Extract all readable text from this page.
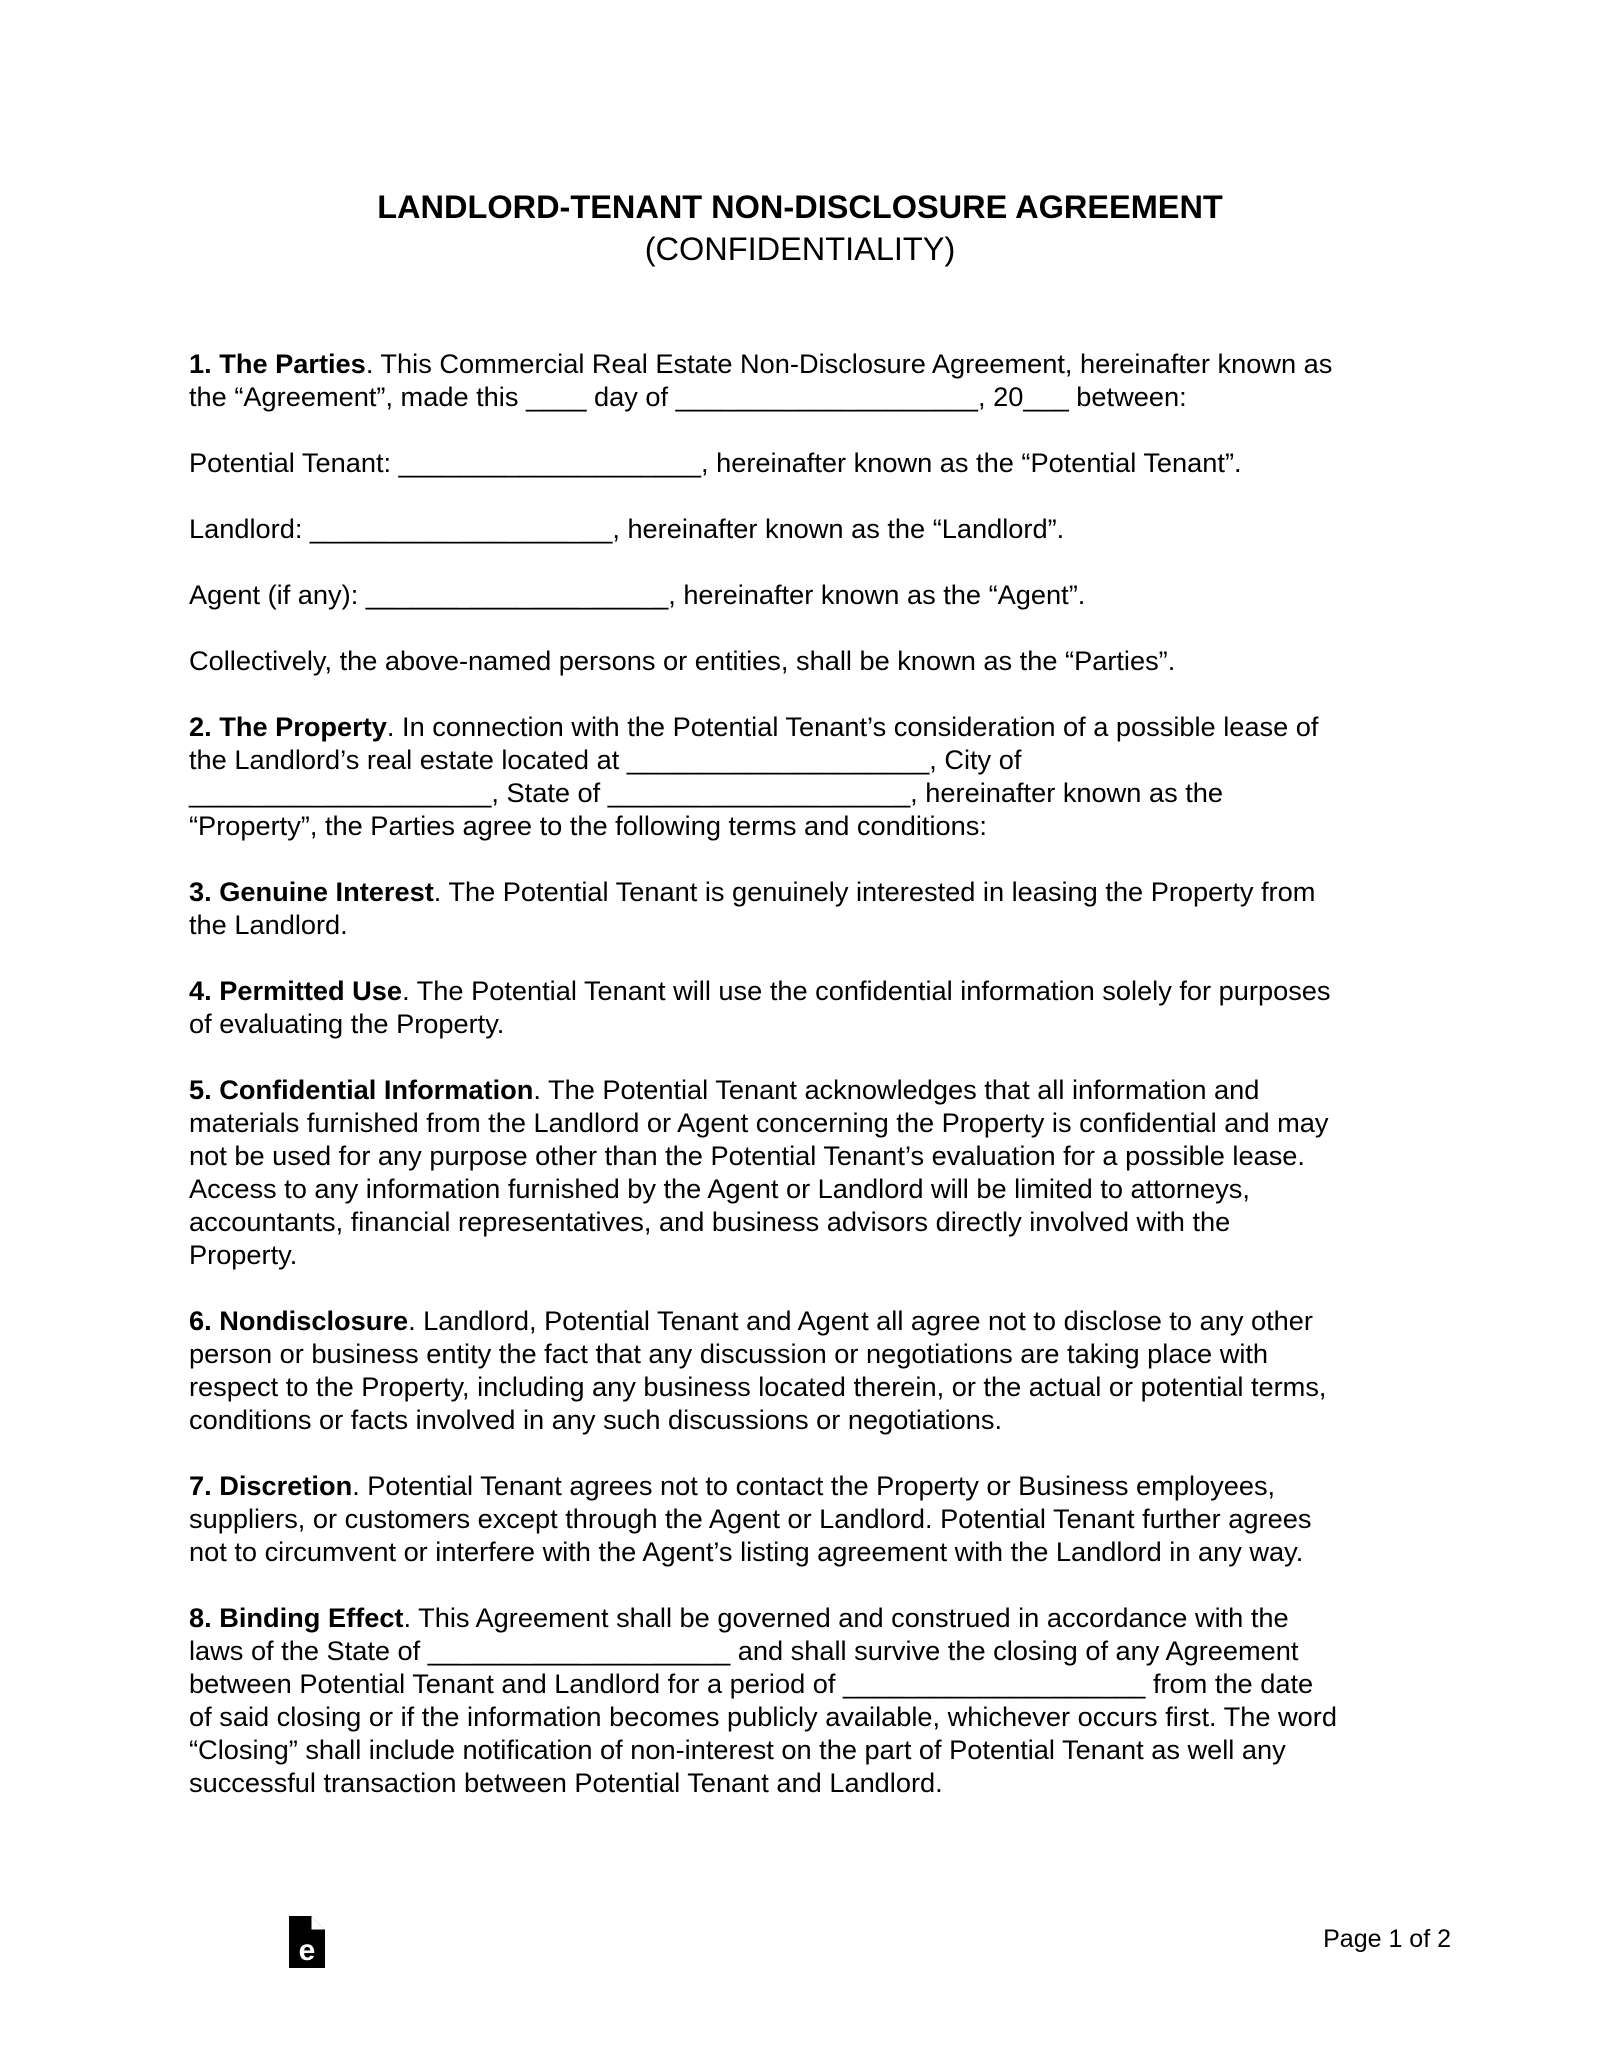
LANDLORD-TENANT NON-DISCLOSURE AGREEMENT

(CONFIDENTIALITY)

1. The Parties. This Commercial Real Estate Non-Disclosure Agreement, hereinafter known as
the “Agreement”, made this ____ day of ____________________, 20___ between:

Potential Tenant: ____________________, hereinafter known as the “Potential Tenant”.

Landlord: ____________________, hereinafter known as the “Landlord”.

Agent (if any): ____________________, hereinafter known as the “Agent”.

Collectively, the above-named persons or entities, shall be known as the “Parties”.

2. The Property. In connection with the Potential Tenant’s consideration of a possible lease of
the Landlord’s real estate located at ____________________, City of
____________________, State of ____________________, hereinafter known as the
“Property”, the Parties agree to the following terms and conditions:

3. Genuine Interest. The Potential Tenant is genuinely interested in leasing the Property from
the Landlord.

4. Permitted Use. The Potential Tenant will use the confidential information solely for purposes
of evaluating the Property.

5. Confidential Information. The Potential Tenant acknowledges that all information and
materials furnished from the Landlord or Agent concerning the Property is confidential and may
not be used for any purpose other than the Potential Tenant’s evaluation for a possible lease.
Access to any information furnished by the Agent or Landlord will be limited to attorneys,
accountants, financial representatives, and business advisors directly involved with the
Property.

6. Nondisclosure. Landlord, Potential Tenant and Agent all agree not to disclose to any other
person or business entity the fact that any discussion or negotiations are taking place with
respect to the Property, including any business located therein, or the actual or potential terms,
conditions or facts involved in any such discussions or negotiations.

7. Discretion. Potential Tenant agrees not to contact the Property or Business employees,
suppliers, or customers except through the Agent or Landlord. Potential Tenant further agrees
not to circumvent or interfere with the Agent’s listing agreement with the Landlord in any way.

8. Binding Effect. This Agreement shall be governed and construed in accordance with the
laws of the State of ____________________ and shall survive the closing of any Agreement
between Potential Tenant and Landlord for a period of ____________________ from the date
of said closing or if the information becomes publicly available, whichever occurs first. The word
“Closing” shall include notification of non-interest on the part of Potential Tenant as well any
successful transaction between Potential Tenant and Landlord.

e	Page 1 of 2
